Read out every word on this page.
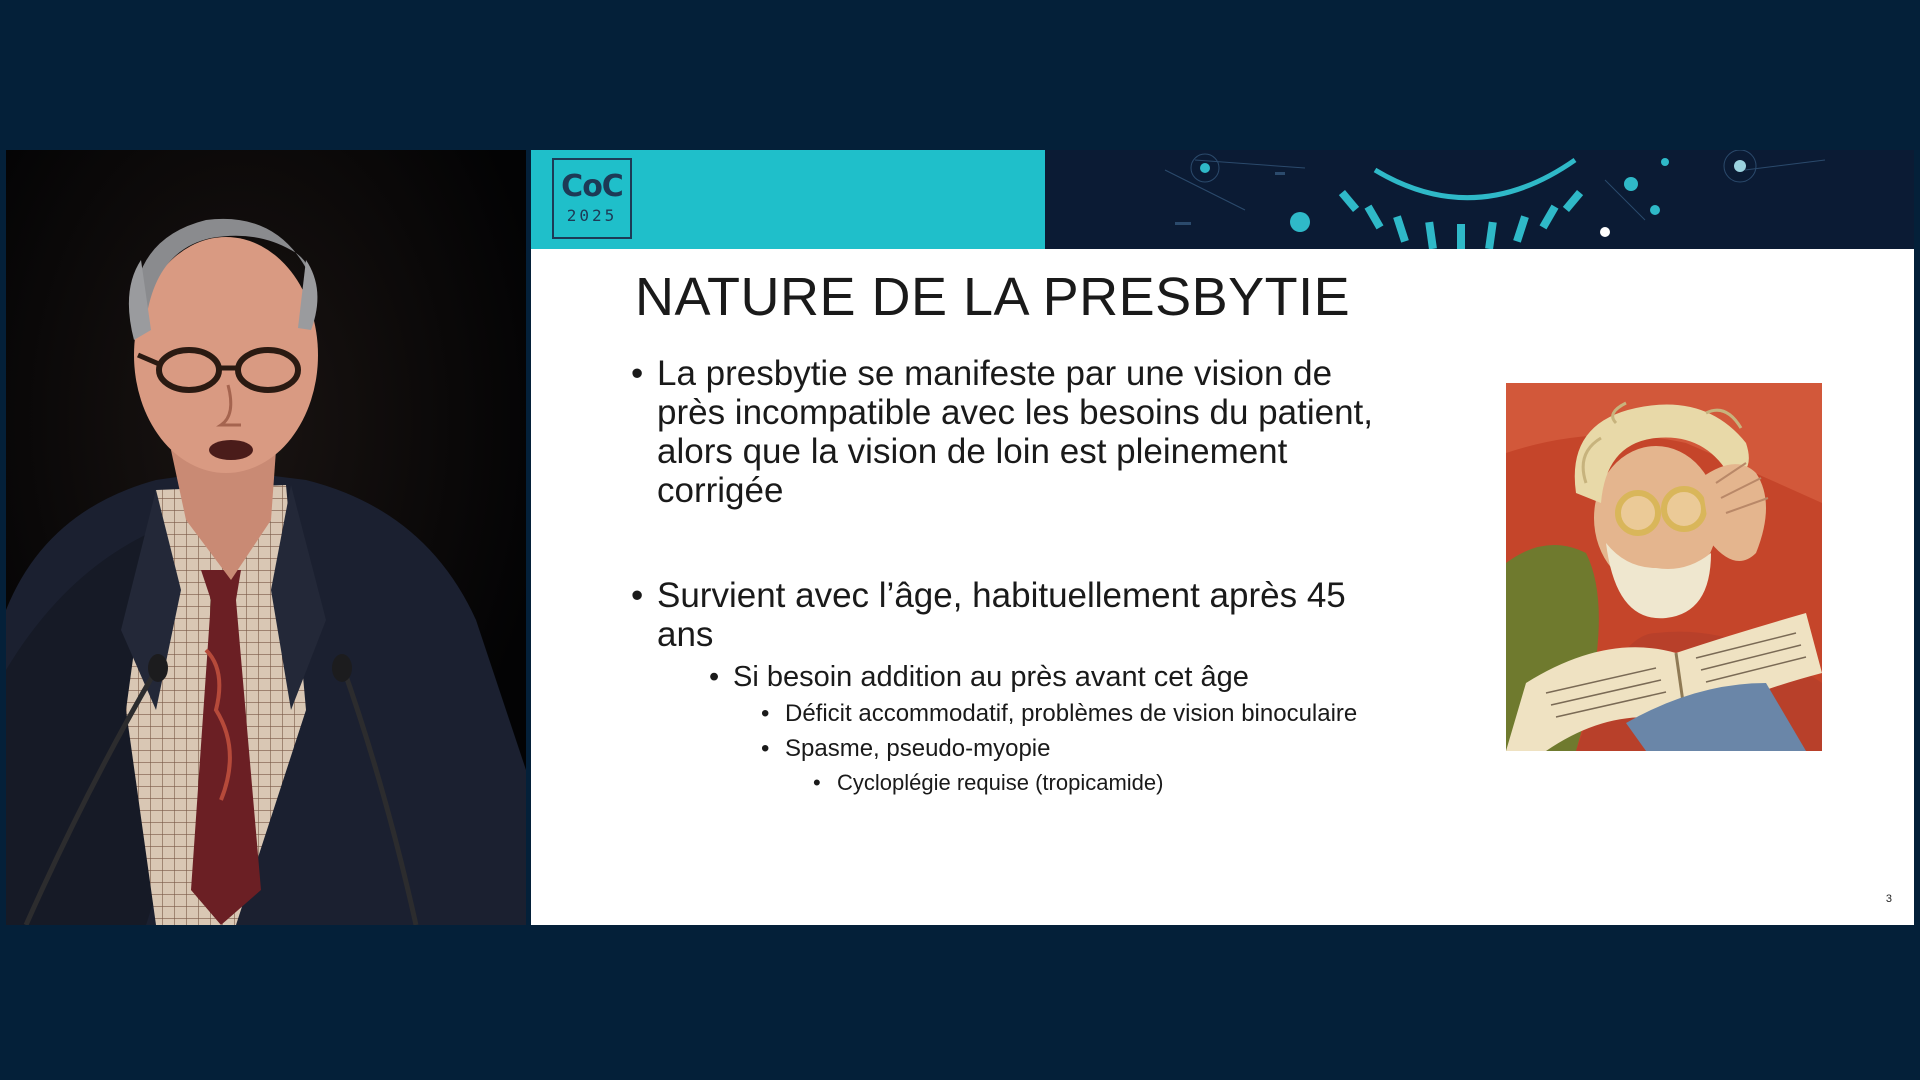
CoC
2025
NATURE DE LA PRESBYTIE
• La presbytie se manifeste par une vision de près incompatible avec les besoins du patient, alors que la vision de loin est pleinement corrigée
• Survient avec l’âge, habituellement après 45 ans
• Si besoin addition au près avant cet âge
• Déficit accommodatif, problèmes de vision binoculaire
• Spasme, pseudo-myopie
• Cycloplégie requise (tropicamide)
3
